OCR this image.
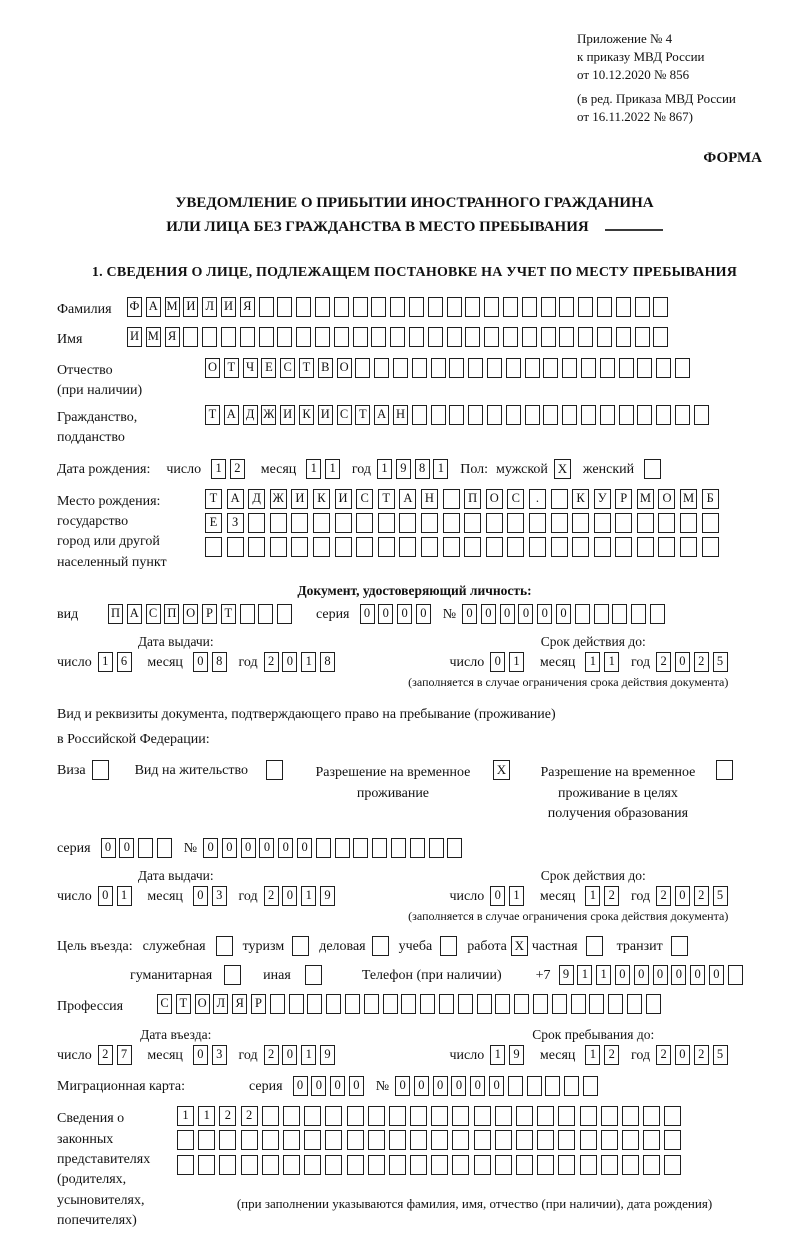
Приложение № 4
к приказу МВД России
от 10.12.2020 № 856
(в ред. Приказа МВД России
от 16.11.2022 № 867)
ФОРМА
УВЕДОМЛЕНИЕ О ПРИБЫТИИ ИНОСТРАННОГО ГРАЖДАНИНА
ИЛИ ЛИЦА БЕЗ ГРАЖДАНСТВА В МЕСТО ПРЕБЫВАНИЯ
1. СВЕДЕНИЯ О ЛИЦЕ, ПОДЛЕЖАЩЕМ ПОСТАНОВКЕ НА УЧЕТ ПО МЕСТУ ПРЕБЫВАНИЯ
Фамилия	Ф А М И Л И Я
Имя	И М Я
Отчество
(при наличии)
О Т Ч Е С Т В О
Гражданство,
подданство
Т А Д Ж И К И С Т А Н
Дата рождения: число	1	2	месяц	1	1	год 1	9	8	1	Пол: мужской X женский
Место рождения:
государство
город или другой
населенный пункт
Т	А	Д Ж И	К	И	С	Т	А	Н	П	О	С	.	К	У	Р	М О М Б

Е	З

Документ, удостоверяющий личность:
вид	П А С П О Р Т	серия	0	0	0	0	№ 0	0	0	0	0	0
Дата выдачи:
число 1	6	месяц	0	8	год 2	0	1	8
Срок действия до:
число 0	1	месяц	1	1	год 2	0	2	5
(заполняется в случае ограничения срока действия документа)
Вид и реквизиты документа, подтверждающего право на пребывание (проживание)
в Российской Федерации:
Виза	Вид на жительство	Разрешение на временное проживание
X	Разрешение на временное проживание в целях получения образования
серия	0	0	№ 0	0	0	0	0	0
Дата выдачи:
число 0	1	месяц	0	3	год 2	0	1	9
Срок действия до:
число 0	1	месяц	1	2	год 2	0	2	5
(заполняется в случае ограничения срока действия документа)
Цель въезда: служебная	туризм	деловая учеба	работа X частная	транзит
гуманитарная	иная	Телефон (при наличии) +7 9	1	1	0	0	0	0	0	0
Профессия	С Т О Л Я Р
Дата въезда:
число 2	7	месяц	0	3	год 2	0	1	9
Срок пребывания до:
число 1	9	месяц	1	2	год 2	0	2	5
Миграционная карта:	серия	0	0	0	0	№ 0	0	0	0	0	0
Сведения о
законных
представителях
(родителях,
усыновителях,
попечителях)
1	1	2	2

(при заполнении указываются фамилия, имя, отчество (при наличии), дата рождения)
